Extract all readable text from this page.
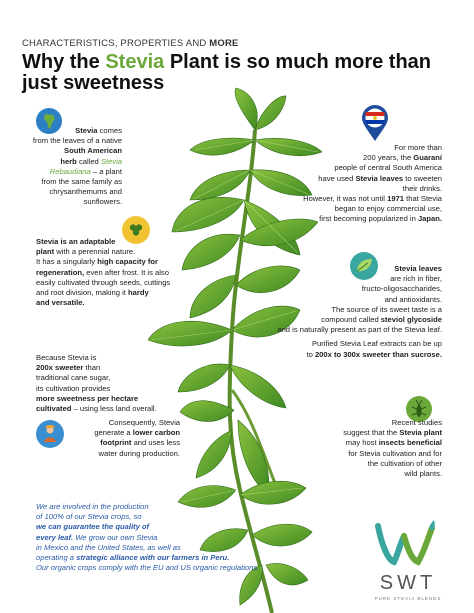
CHARACTERISTICS, PROPERTIES AND MORE
Why the Stevia Plant is so much more than just sweetness
Stevia comes
from the leaves of a native
South American
herb called Stevia
Rebaudiana – a plant
from the same family as
chrysanthemums and sunflowers.
For more than
200 years, the Guaraní
people of central South America
have used Stevia leaves to sweeten
their drinks.
However, it was not until 1971 that Stevia
began to enjoy commercial use,
first becoming popularized in Japan.
Stevia is an adaptable
plant with a perennial nature.
It has a singularly high capacity for
regeneration, even after frost. It is also
easily cultivated through seeds, cuttings
and root division, making it hardy
and versatile.
Stevia leaves
are rich in fiber,
fructo-oligosaccharides,
and antioxidants.
The source of its sweet taste is a
compound called steviol glycoside
and is naturally present as part of the Stevia leaf.
Purified Stevia Leaf extracts can be up
to 200x to 300x sweeter than sucrose.
Because Stevia is
200x sweeter than
traditional cane sugar,
its cultivation provides
more sweetness per hectare
cultivated – using less land overall.
Consequently, Stevia
generate a lower carbon
footprint and uses less
water during production.
Recent studies
suggest that the Stevia plant
may host insects beneficial
for Stevia cultivation and for
the cultivation of other
wild plants.
We are involved in the production
of 100% of our Stevia crops, so
we can guarantee the quality of
every leaf. We grow our own Stevia
in Mexico and the United States, as well as
operating a strategic alliance with our farmers in Peru.
Our organic crops comply with the EU and US organic regulations.
SWT
PURE STEVIA BLENDS
